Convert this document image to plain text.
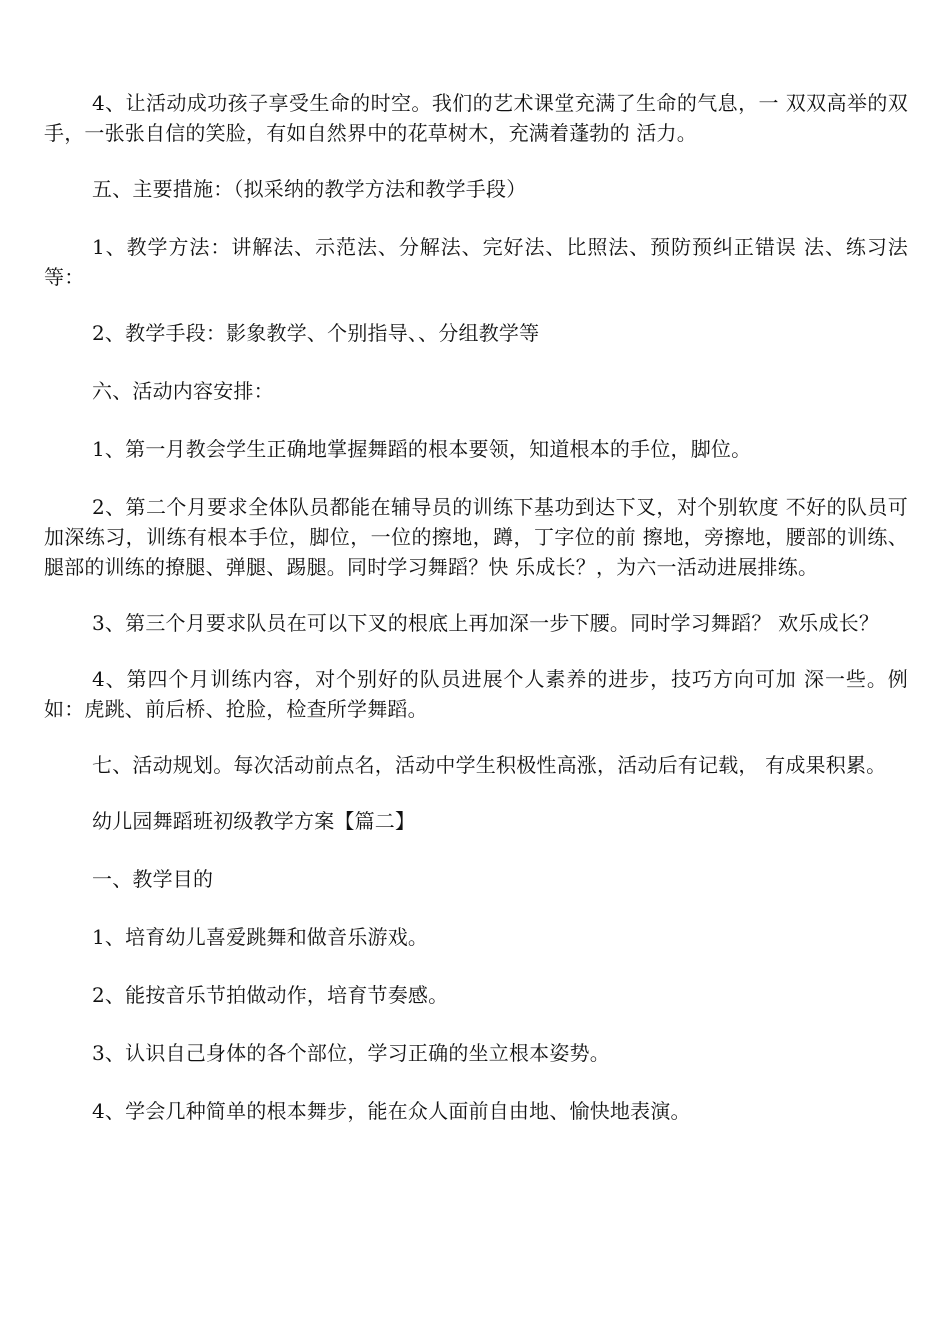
4、让活动成功孩子享受生命的时空。我们的艺术课堂充满了生命的气息，一 双双高举的双手，一张张自信的笑脸，有如自然界中的花草树木，充满着蓬勃的 活力。

五、主要措施：（拟采纳的教学方法和教学手段）

1、教学方法：讲解法、示范法、分解法、完好法、比照法、预防预纠正错误 法、练习法等：

2、教学手段：影象教学、个别指导、、分组教学等

六、活动内容安排：

1、第一月教会学生正确地掌握舞蹈的根本要领，知道根本的手位，脚位。

2、第二个月要求全体队员都能在辅导员的训练下基功到达下叉，对个别软度 不好的队员可加深练习，训练有根本手位，脚位，一位的擦地，蹲，丁字位的前 擦地，旁擦地，腰部的训练、腿部的训练的撩腿、弹腿、踢腿。同时学习舞蹈？快 乐成长？，为六一活动进展排练。

3、第三个月要求队员在可以下叉的根底上再加深一步下腰。同时学习舞蹈？ 欢乐成长？

4、第四个月训练内容，对个别好的队员进展个人素养的进步，技巧方向可加 深一些。例如：虎跳、前后桥、抢脸，检查所学舞蹈。

七、活动规划。每次活动前点名，活动中学生积极性高涨，活动后有记载， 有成果积累。

幼儿园舞蹈班初级教学方案【篇二】

一、教学目的

1、培育幼儿喜爱跳舞和做音乐游戏。

2、能按音乐节拍做动作，培育节奏感。

3、认识自己身体的各个部位，学习正确的坐立根本姿势。

4、学会几种简单的根本舞步，能在众人面前自由地、愉快地表演。
